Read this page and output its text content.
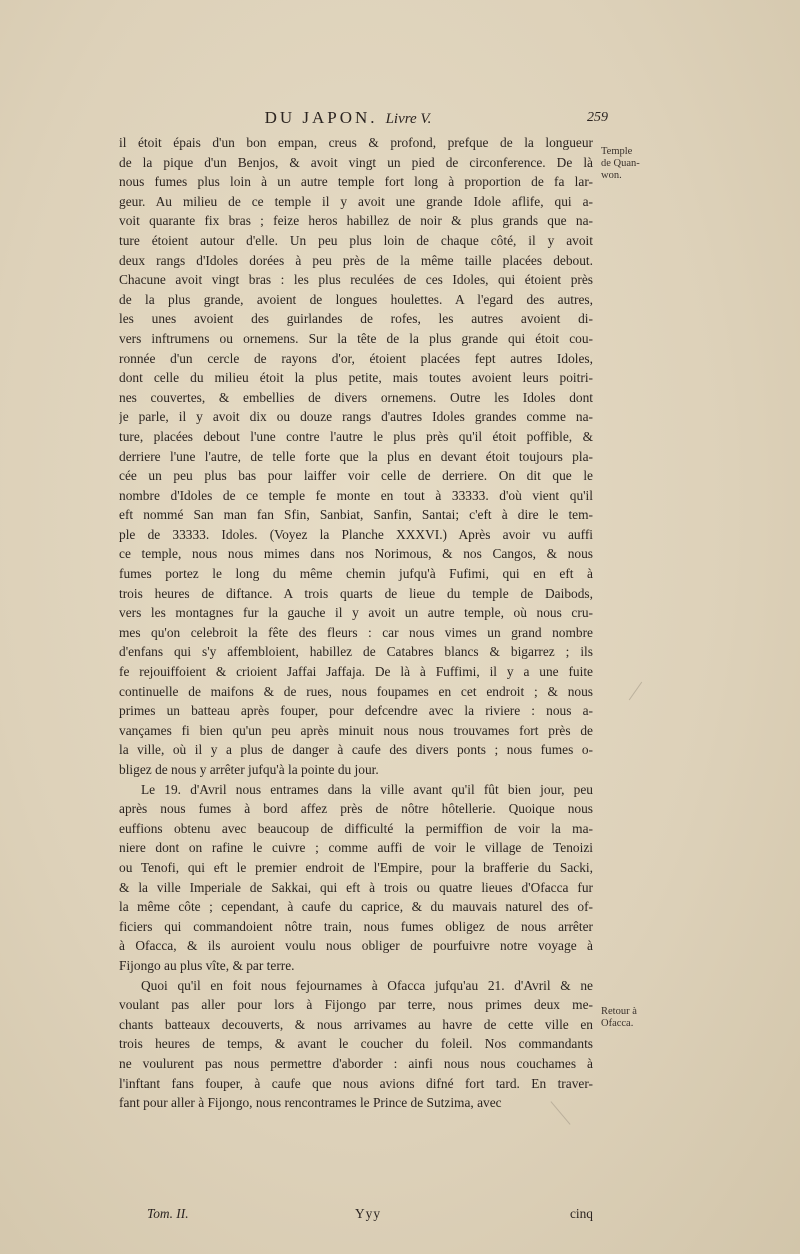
DU JAPON. Livre V.	259
Temple
de Quan-
won.
Retour à
Ofacca.
il étoit épais d'un bon empan, creus & profond, prefque de la longueur
de la pique d'un Benjos, & avoit vingt un pied de circonference. De là
nous fumes plus loin à un autre temple fort long à proportion de fa lar-
geur. Au milieu de ce temple il y avoit une grande Idole aflife, qui a-
voit quarante fix bras ; feize heros habillez de noir & plus grands que na-
ture étoient autour d'elle. Un peu plus loin de chaque côté, il y avoit
deux rangs d'Idoles dorées à peu près de la même taille placées debout.
Chacune avoit vingt bras : les plus reculées de ces Idoles, qui étoient près
de la plus grande, avoient de longues houlettes. A l'egard des autres,
les unes avoient des guirlandes de rofes, les autres avoient di-
vers inftrumens ou ornemens. Sur la tête de la plus grande qui étoit cou-
ronnée d'un cercle de rayons d'or, étoient placées fept autres Idoles,
dont celle du milieu étoit la plus petite, mais toutes avoient leurs poitri-
nes couvertes, & embellies de divers ornemens. Outre les Idoles dont
je parle, il y avoit dix ou douze rangs d'autres Idoles grandes comme na-
ture, placées debout l'une contre l'autre le plus près qu'il étoit poffible, &
derriere l'une l'autre, de telle forte que la plus en devant étoit toujours pla-
cée un peu plus bas pour laiffer voir celle de derriere. On dit que le
nombre d'Idoles de ce temple fe monte en tout à 33333. d'où vient qu'il
eft nommé San man fan Sfin, Sanbiat, Sanfin, Santai; c'eft à dire le tem-
ple de 33333. Idoles. (Voyez la Planche XXXVI.) Après avoir vu auffi
ce temple, nous nous mimes dans nos Norimous, & nos Cangos, & nous
fumes portez le long du même chemin jufqu'à Fufimi, qui en eft à
trois heures de diftance. A trois quarts de lieue du temple de Daibods,
vers les montagnes fur la gauche il y avoit un autre temple, où nous cru-
mes qu'on celebroit la fête des fleurs : car nous vimes un grand nombre
d'enfans qui s'y affembloient, habillez de Catabres blancs & bigarrez ; ils
fe rejouiffoient & crioient Jaffai Jaffaja. De là à Fuffimi, il y a une fuite
continuelle de maifons & de rues, nous foupames en cet endroit ; & nous
primes un batteau après fouper, pour defcendre avec la riviere : nous a-
vançames fi bien qu'un peu après minuit nous nous trouvames fort près de
la ville, où il y a plus de danger à caufe des divers ponts ; nous fumes o-
bligez de nous y arrêter jufqu'à la pointe du jour.
Le 19. d'Avril nous entrames dans la ville avant qu'il fût bien jour, peu
après nous fumes à bord affez près de nôtre hôtellerie. Quoique nous
euffions obtenu avec beaucoup de difficulté la permiffion de voir la ma-
niere dont on rafine le cuivre ; comme auffi de voir le village de Tenoizi
ou Tenofi, qui eft le premier endroit de l'Empire, pour la brafferie du Sacki,
& la ville Imperiale de Sakkai, qui eft à trois ou quatre lieues d'Ofacca fur
la même côte ; cependant, à caufe du caprice, & du mauvais naturel des of-
ficiers qui commandoient nôtre train, nous fumes obligez de nous arrêter
à Ofacca, & ils auroient voulu nous obliger de pourfuivre notre voyage à
Fijongo au plus vîte, & par terre.
Quoi qu'il en foit nous fejournames à Ofacca jufqu'au 21. d'Avril & ne
voulant pas aller pour lors à Fijongo par terre, nous primes deux me-
chants batteaux decouverts, & nous arrivames au havre de cette ville en
trois heures de temps, & avant le coucher du foleil. Nos commandants
ne voulurent pas nous permettre d'aborder : ainfi nous nous couchames à
l'inftant fans fouper, à caufe que nous avions difné fort tard. En traver-
fant pour aller à Fijongo, nous rencontrames le Prince de Sutzima, avec
Tom. II.	Yyy	cinq
